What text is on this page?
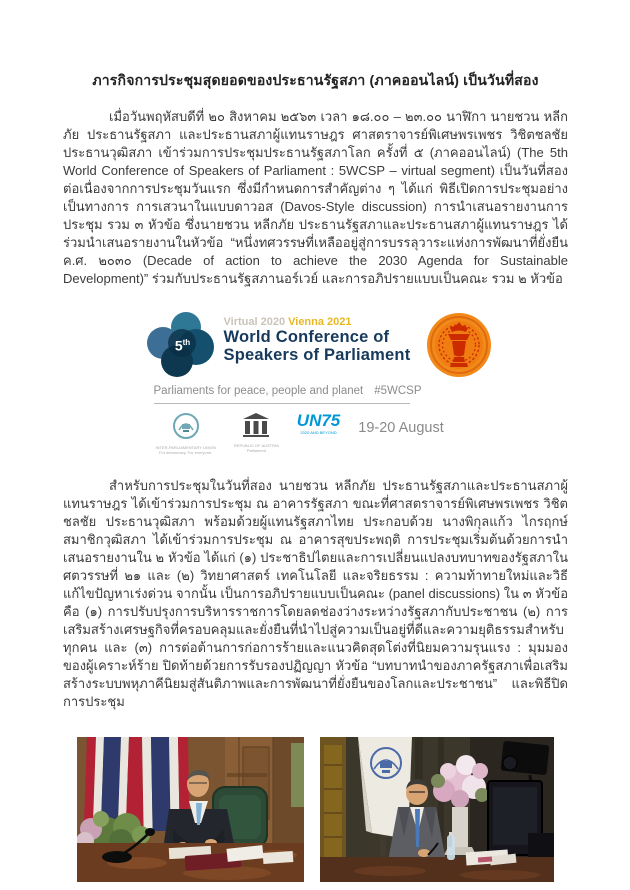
ภารกิจการประชุมสุดยอดของประธานรัฐสภา (ภาคออนไลน์) เป็นวันที่สอง

เมื่อวันพฤหัสบดีที่ ๒๐ สิงหาคม ๒๕๖๓ เวลา ๑๘.๐๐ – ๒๓.๐๐ นาฬิกา นายชวน หลีกภัย ประธานรัฐสภา และประธานสภาผู้แทนราษฎร ศาสตราจารย์พิเศษพรเพชร วิชิตชลชัย ประธานวุฒิสภา เข้าร่วมการประชุมประธานรัฐสภาโลก ครั้งที่ ๕ (ภาคออนไลน์) (The 5th World Conference of Speakers of Parliament : 5WCSP – virtual segment) เป็นวันที่สอง ต่อเนื่องจากการประชุมวันแรก ซึ่งมีกำหนดการสำคัญต่าง ๆ ได้แก่ พิธีเปิดการประชุมอย่างเป็นทางการ การเสวนาในแบบดาวอส (Davos-Style discussion) การนำเสนอรายงานการประชุม รวม ๓ หัวข้อ ซึ่งนายชวน หลีกภัย ประธานรัฐสภาและประธานสภาผู้แทนราษฎร ได้ร่วมนำเสนอรายงานในหัวข้อ “หนึ่งทศวรรษที่เหลืออยู่สู่การบรรลุวาระแห่งการพัฒนาที่ยั่งยืน ค.ศ. ๒๐๓๐ (Decade of action to achieve the 2030 Agenda for Sustainable Development)” ร่วมกับประธานรัฐสภานอร์เวย์ และการอภิปรายแบบเป็นคณะ รวม ๒ หัวข้อ

5th
Virtual 2020 Vienna 2021
World Conference of
Speakers of Parliament
Parliaments for peace, people and planet #5WCSP
INTER-PARLIAMENTARY UNION
For democracy. For everyone.
REPUBLIC OF AUSTRIA
Parliament
UN75
2020 AND BEYOND 19-20 August

สำหรับการประชุมในวันที่สอง นายชวน หลีกภัย ประธานรัฐสภาและประธานสภาผู้แทนราษฎร ได้เข้าร่วมการประชุม ณ อาคารรัฐสภา ขณะที่ศาสตราจารย์พิเศษพรเพชร วิชิตชลชัย ประธานวุฒิสภา พร้อมด้วยผู้แทนรัฐสภาไทย ประกอบด้วย นางพิกุลแก้ว ไกรฤกษ์ สมาชิกวุฒิสภา ได้เข้าร่วมการประชุม ณ อาคารสุขประพฤติ การประชุมเริ่มต้นด้วยการนำเสนอรายงานใน ๒ หัวข้อ ได้แก่ (๑) ประชาธิปไตยและการเปลี่ยนแปลงบทบาทของรัฐสภาในศตวรรษที่ ๒๑ และ (๒) วิทยาศาสตร์ เทคโนโลยี และจริยธรรม : ความท้าทายใหม่และวิธีแก้ไขปัญหาเร่งด่วน จากนั้น เป็นการอภิปรายแบบเป็นคณะ (panel discussions) ใน ๓ หัวข้อ คือ (๑) การปรับปรุงการบริหารราชการโดยลดช่องว่างระหว่างรัฐสภากับประชาชน (๒) การเสริมสร้างเศรษฐกิจที่ครอบคลุมและยั่งยืนที่นำไปสู่ความเป็นอยู่ที่ดีและความยุติธรรมสำหรับทุกคน และ (๓) การต่อต้านการก่อการร้ายและแนวคิดสุดโต่งที่นิยมความรุนแรง : มุมมองของผู้เคราะห์ร้าย ปิดท้ายด้วยการรับรองปฏิญญา หัวข้อ “บทบาทนำของภาครัฐสภาเพื่อเสริมสร้างระบบพหุภาคีนิยมสู่สันติภาพและการพัฒนาที่ยั่งยืนของโลกและประชาชน” และพิธีปิดการประชุม
